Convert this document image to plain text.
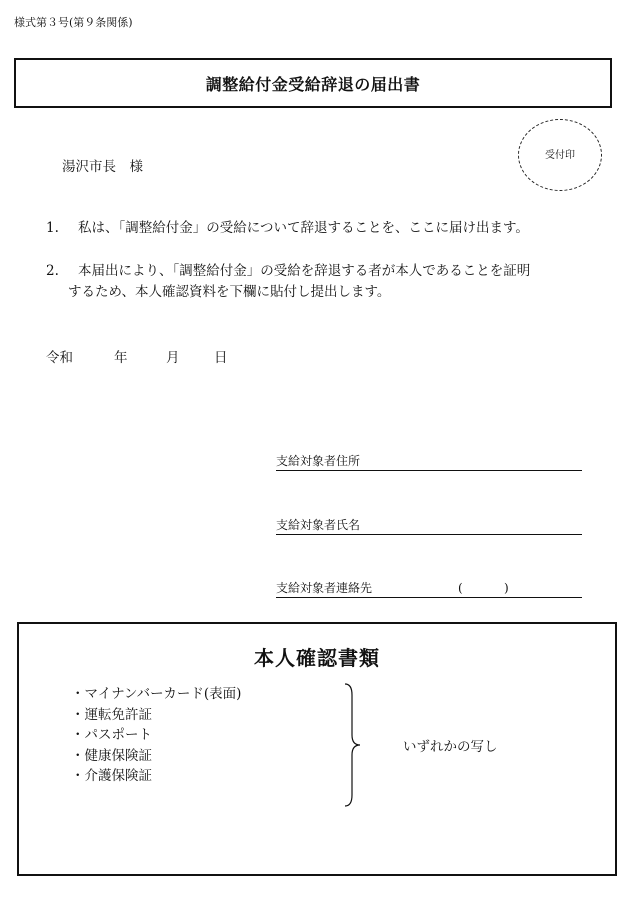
様式第３号(第９条関係)
調整給付金受給辞退の届出書
受付印
湯沢市長　様
1. 私は、「調整給付金」の受給について辞退することを、ここに届け出ます。
2. 本届出により、「調整給付金」の受給を辞退する者が本人であることを証明
するため、本人確認資料を下欄に貼付し提出します。
令和	年	月	日
支給対象者住所
支給対象者氏名
支給対象者連絡先	(	)
本人確認書類
・マイナンバーカード(表面)
・運転免許証
・パスポート
・健康保険証
・介護保険証
いずれかの写し
